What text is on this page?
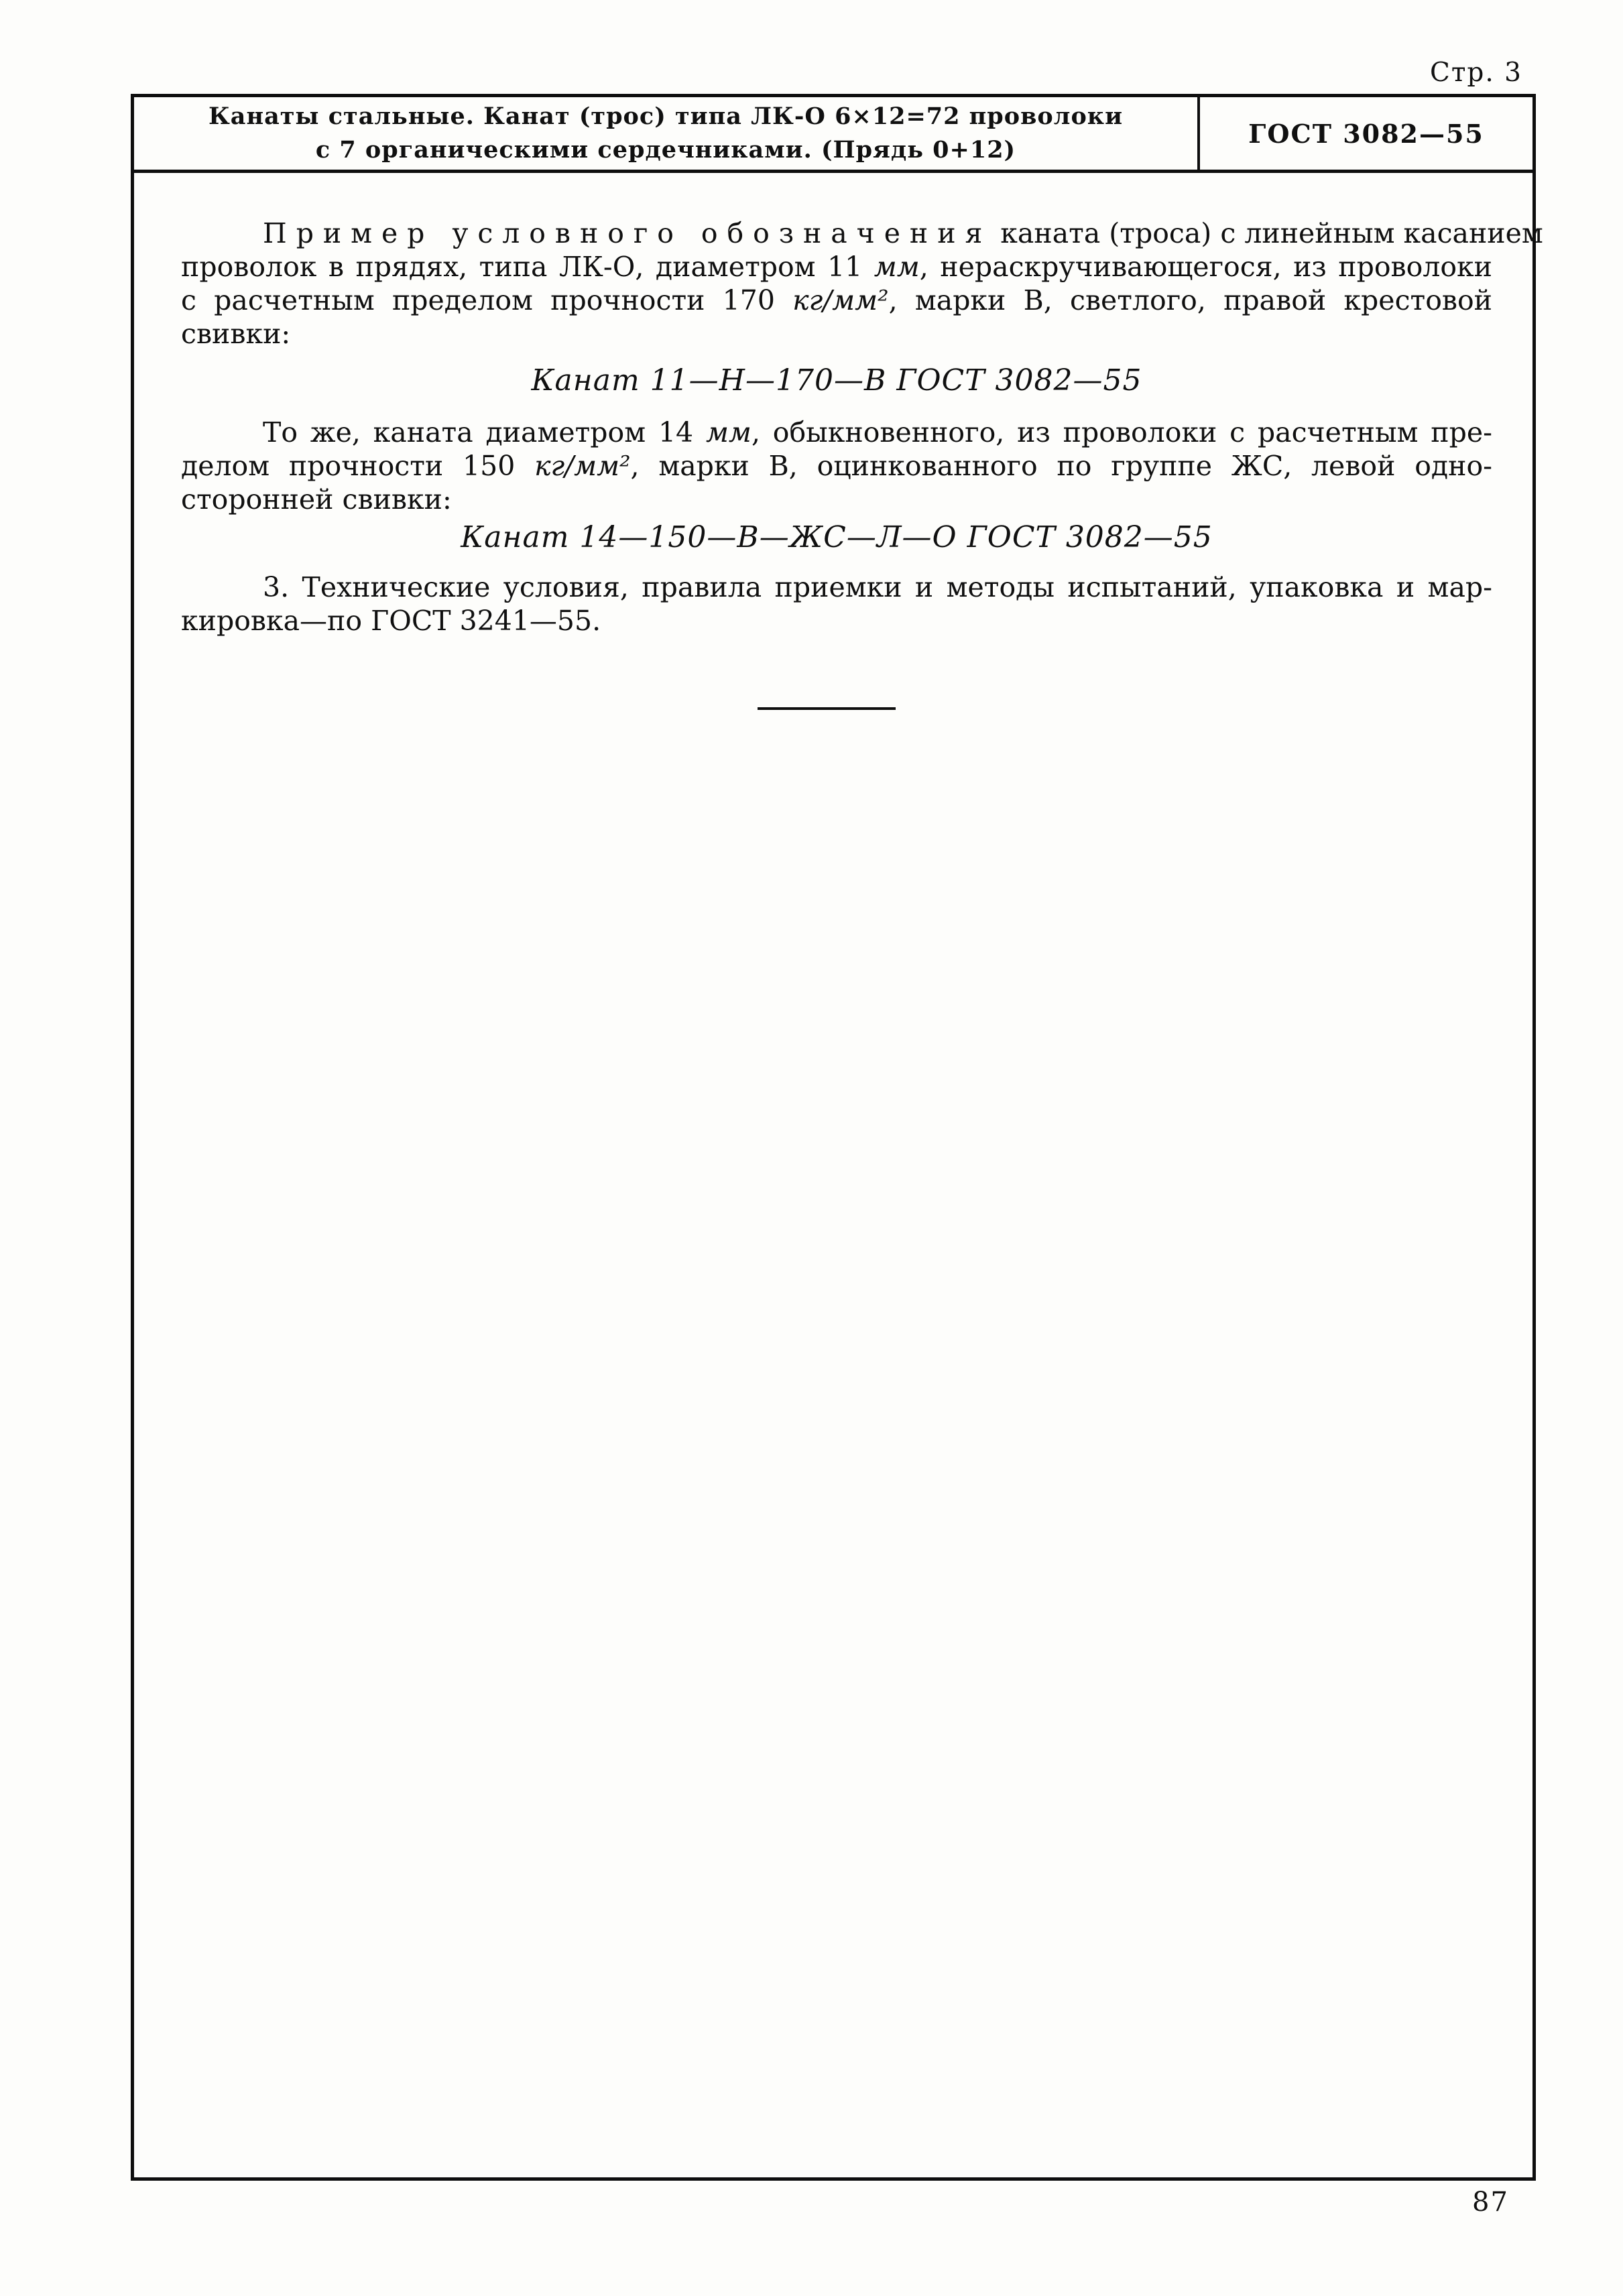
Стр. 3
Канаты стальные. Канат (трос) типа ЛК-О 6×12=72 проволоки
с 7 органическими сердечниками. (Прядь 0+12)
ГОСТ 3082—55
Пример условного обозначения каната (троса) с линейным касанием
проволок в прядях, типа ЛК-О, диаметром 11 мм, нераскручивающегося, из проволоки
с расчетным пределом прочности 170 кг/мм², марки В, светлого, правой крестовой
свивки:
Канат 11—Н—170—В ГОСТ 3082—55
То же, каната диаметром 14 мм, обыкновенного, из проволоки с расчетным пре-
делом прочности 150 кг/мм², марки В, оцинкованного по группе ЖС, левой одно-
сторонней свивки:
Канат 14—150—В—ЖС—Л—О ГОСТ 3082—55
3. Технические условия, правила приемки и методы испытаний, упаковка и мар-
кировка—по ГОСТ 3241—55.
87
